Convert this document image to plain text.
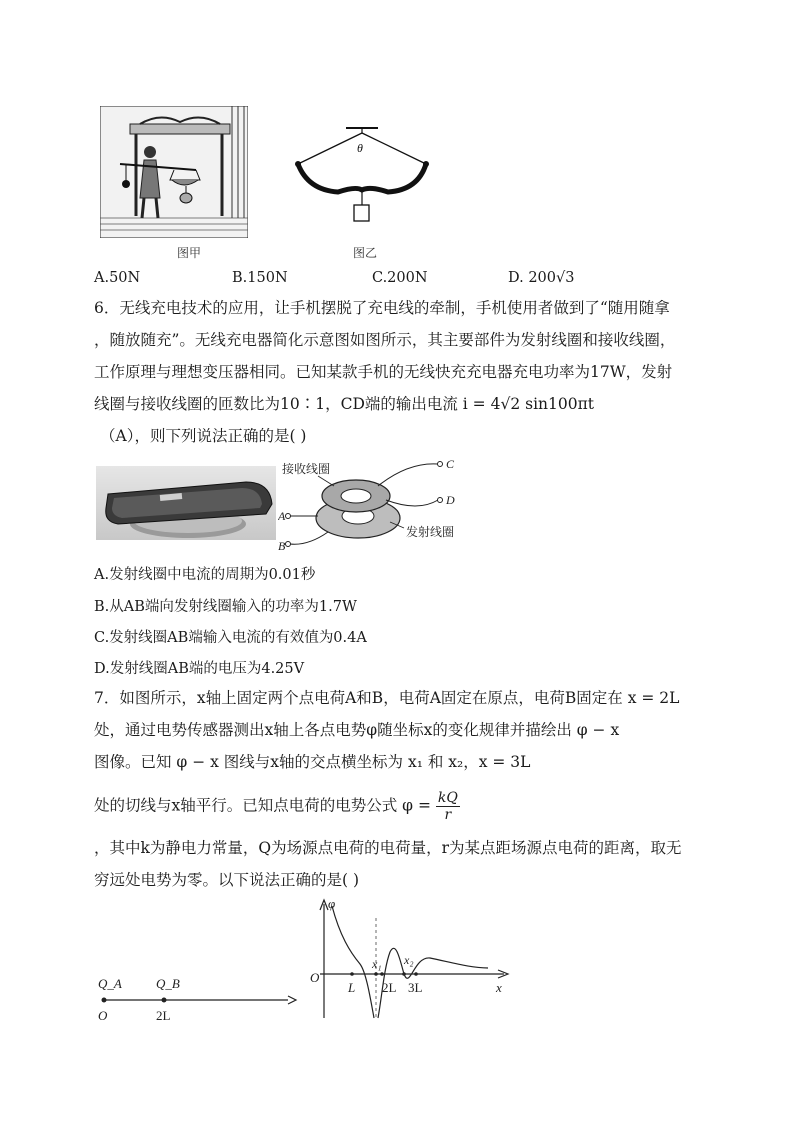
图甲
θ
图乙
A.50N	B.150N	C.200N	D. 200√3
6．无线充电技术的应用，让手机摆脱了充电线的牵制，手机使用者做到了“随用随拿
，随放随充”。无线充电器简化示意图如图所示，其主要部件为发射线圈和接收线圈，
工作原理与理想变压器相同。已知某款手机的无线快充充电器充电功率为17W，发射
线圈与接收线圈的匝数比为10∶1，CD端的输出电流 i = 4√2 sin100πt
（A），则下列说法正确的是( )
接收线圈
发射线圈
C
D
A
B
A.发射线圈中电流的周期为0.01秒
B.从AB端向发射线圈输入的功率为1.7W
C.发射线圈AB端输入电流的有效值为0.4A
D.发射线圈AB端的电压为4.25V
7．如图所示，x轴上固定两个点电荷A和B，电荷A固定在原点，电荷B固定在 x = 2L
处，通过电势传感器测出x轴上各点电势φ随坐标x的变化规律并描绘出 φ − x
图像。已知 φ − x 图线与x轴的交点横坐标为 x₁ 和 x₂，x = 3L
处的切线与x轴平行。已知点电荷的电势公式 $\varphi = \frac{kQ}{r}$
，其中k为静电力常量，Q为场源点电荷的电荷量，r为某点距场源点电荷的距离，取无
穷远处电势为零。以下说法正确的是( )
Q_A	Q_B
O	2L
φ
x
O
L 2L 3L
x₁ x₂
